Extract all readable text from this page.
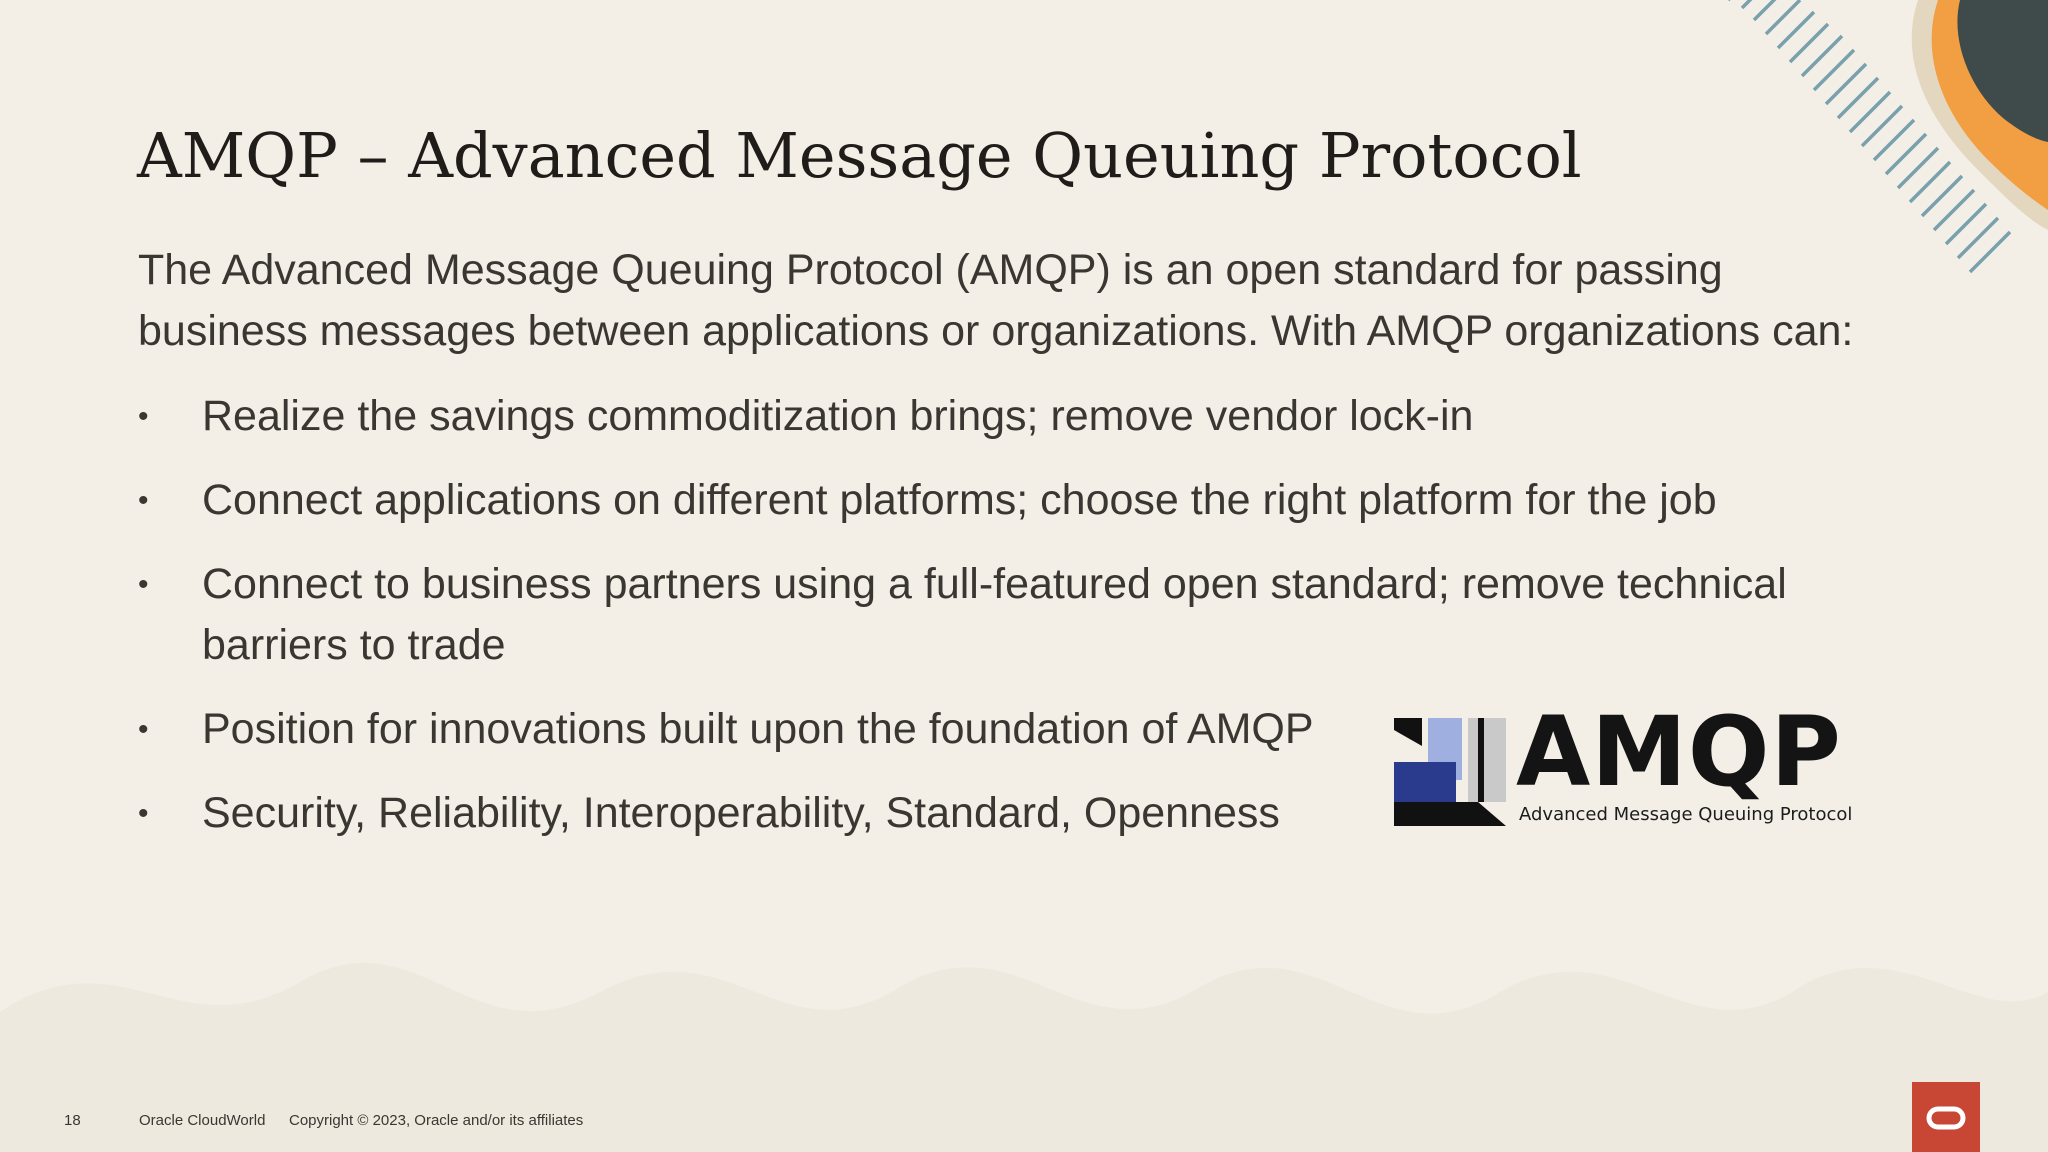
AMQP – Advanced Message Queuing Protocol

The Advanced Message Queuing Protocol (AMQP) is an open standard for passing business messages between applications or organizations. With AMQP organizations can:

•	Realize the savings commoditization brings; remove vendor lock-in
•	Connect applications on different platforms; choose the right platform for the job
•	Connect to business partners using a full-featured open standard; remove technical barriers to trade
•	Position for innovations built upon the foundation of AMQP
•	Security, Reliability, Interoperability, Standard, Openness
AMQP
Advanced Message Queuing Protocol
18	Oracle CloudWorld Copyright © 2023, Oracle and/or its affiliates
